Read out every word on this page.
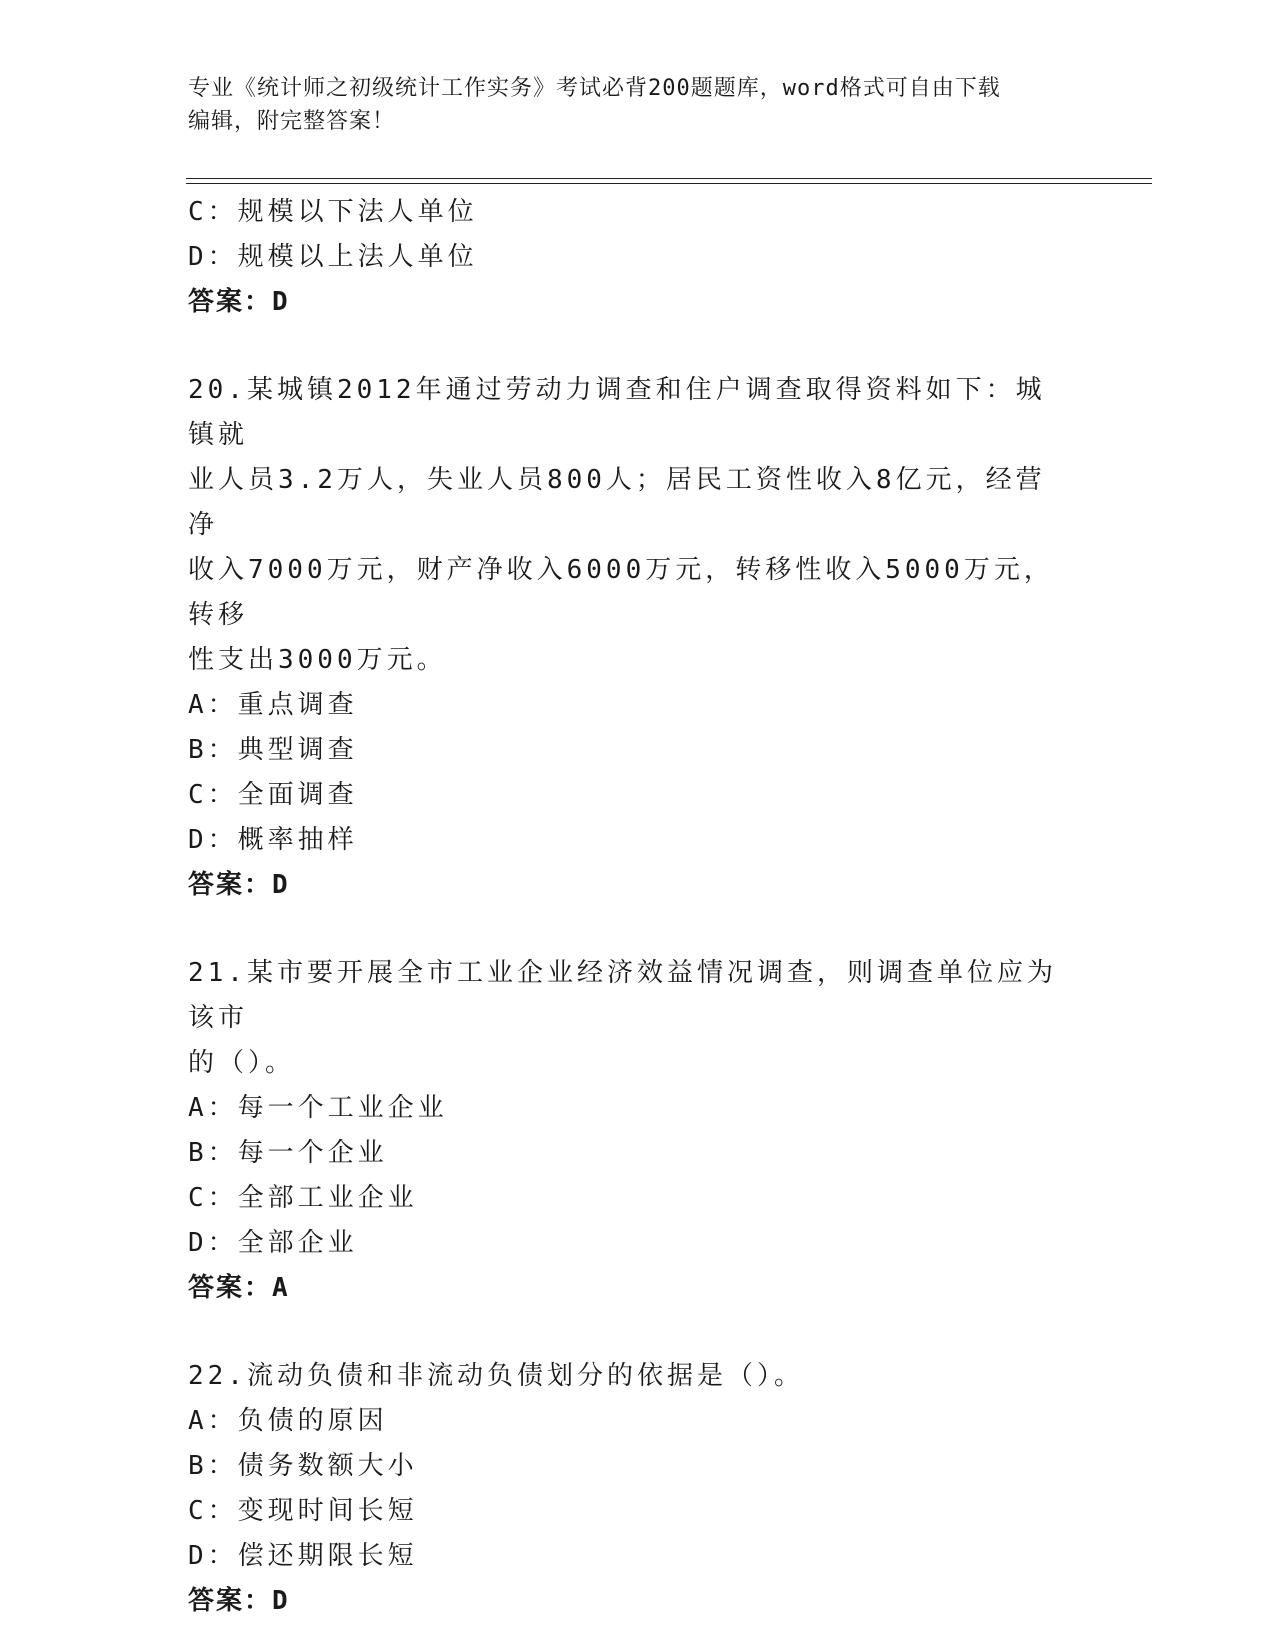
专业《统计师之初级统计工作实务》考试必背200题题库，word格式可自由下载
编辑，附完整答案！
C：规模以下法人单位
D：规模以上法人单位
答案：D
20.某城镇2012年通过劳动力调查和住户调查取得资料如下：城镇就
业人员3.2万人，失业人员800人；居民工资性收入8亿元，经营净
收入7000万元，财产净收入6000万元，转移性收入5000万元，转移
性支出3000万元。
A：重点调查
B：典型调查
C：全面调查
D：概率抽样
答案：D
21.某市要开展全市工业企业经济效益情况调查，则调查单位应为该市
的（）。
A：每一个工业企业
B：每一个企业
C：全部工业企业
D：全部企业
答案：A
22.流动负债和非流动负债划分的依据是（）。
A：负债的原因
B：债务数额大小
C：变现时间长短
D：偿还期限长短
答案：D
